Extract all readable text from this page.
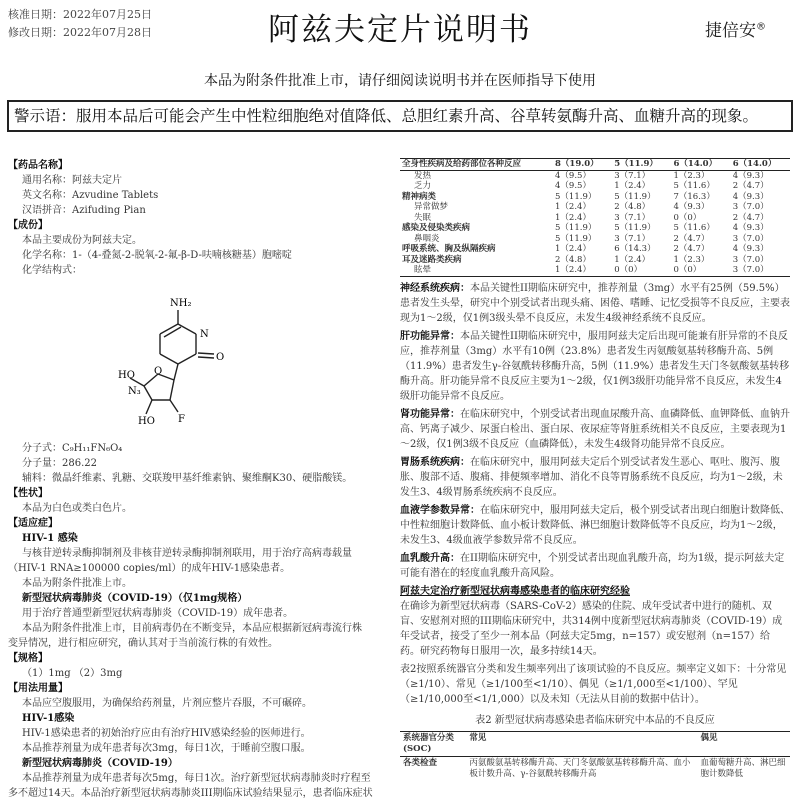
核准日期：2022年07月25日
修改日期：2022年07月28日	阿兹夫定片说明书	捷倍安®
本品为附条件批准上市，请仔细阅读说明书并在医师指导下使用
警示语：服用本品后可能会产生中性粒细胞绝对值降低、总胆红素升高、谷草转氨酶升高、血糖升高的现象。
【药品名称】
通用名称：阿兹夫定片
英文名称：Azvudine Tablets
汉语拼音：Azifuding Pian
【成份】
本品主要成份为阿兹夫定。
化学名称：1-（4-叠氮-2-脱氧-2-氟-β-D-呋喃核糖基）胞嘧啶
化学结构式：
NH₂
N
O
O
HO
N₃
HO F
分子式：C₉H₁₁FN₆O₄
分子量：286.22
辅料：微晶纤维素、乳糖、交联羧甲基纤维素钠、聚维酮K30、硬脂酸镁。
【性状】
本品为白色或类白色片。
【适应症】
HIV-1 感染
与核苷逆转录酶抑制剂及非核苷逆转录酶抑制剂联用，用于治疗高病毒载量
（HIV-1 RNA≥100000 copies/ml）的成年HIV-1感染患者。
本品为附条件批准上市。
新型冠状病毒肺炎（COVID-19）（仅1mg规格）
用于治疗普通型新型冠状病毒肺炎（COVID-19）成年患者。
本品为附条件批准上市，目前病毒仍在不断变异，本品应根据新冠病毒流行株
变异情况，进行相应研究，确认其对于当前流行株的有效性。
【规格】
（1）1mg （2）3mg
【用法用量】
本品应空腹服用，为确保给药剂量，片剂应整片吞服，不可碾碎。
HIV-1感染
HIV-1感染患者的初始治疗应由有治疗HIV感染经验的医师进行。
本品推荐剂量为成年患者每次3mg，每日1次，于睡前空腹口服。
新型冠状病毒肺炎（COVID-19）
本品推荐剂量为成年患者每次5mg，每日1次。治疗新型冠状病毒肺炎时疗程至
多不超过14天。本品治疗新型冠状病毒肺炎III期临床试验结果显示，患者临床症状
全身性疾病及给药部位各种反应	8（19.0）	5（11.9）	6（14.0）	6（14.0）
发热	4（9.5）	3（7.1）	1（2.3）	4（9.3）
乏力	4（9.5）	1（2.4）	5（11.6）	2（4.7）
精神病类	5（11.9）	5（11.9）	7（16.3）	4（9.3）
异常做梦	1（2.4）	2（4.8）	4（9.3）	3（7.0）
失眠	1（2.4）	3（7.1）	0（0）	2（4.7）
感染及侵染类疾病	5（11.9）	5（11.9）	5（11.6）	4（9.3）
鼻咽炎	5（11.9）	3（7.1）	2（4.7）	3（7.0）
呼吸系统、胸及纵隔疾病	1（2.4）	6（14.3）	2（4.7）	4（9.3）
耳及迷路类疾病	2（4.8）	1（2.4）	1（2.3）	3（7.0）
眩晕	1（2.4）	0（0）	0（0）	3（7.0）

神经系统疾病：本品关键性II期临床研究中，推荐剂量（3mg）水平有25例（59.5%）患者发生头晕，研究中个别受试者出现头痛、困倦、嗜睡、记忆受损等不良反应，主要表现为1～2级，仅1例3级头晕不良反应，未发生4级神经系统不良反应。

肝功能异常：本品关键性II期临床研究中，服用阿兹夫定后出现可能兼有肝异常的不良反应，推荐剂量（3mg）水平有10例（23.8%）患者发生丙氨酸氨基转移酶升高、5例（11.9%）患者发生γ-谷氨酰转移酶升高，5例（11.9%）患者发生天门冬氨酸氨基转移酶升高。肝功能异常不良反应主要为1～2级，仅1例3级肝功能异常不良反应，未发生4级肝功能异常不良反应。

肾功能异常：在临床研究中，个别受试者出现血尿酸升高、血磷降低、血钾降低、血钠升高、钙离子减少、尿蛋白检出、蛋白尿、夜尿症等肾脏系统相关不良反应，主要表现为1～2级，仅1例3级不良反应（血磷降低），未发生4级肾功能异常不良反应。

胃肠系统疾病：在临床研究中，服用阿兹夫定后个别受试者发生恶心、呕吐、腹泻、腹胀、腹部不适、腹痛、排便频率增加、消化不良等胃肠系统不良反应，均为1～2级，未发生3、4级胃肠系统疾病不良反应。

血液学参数异常：在临床研究中，服用阿兹夫定后，极个别受试者出现白细胞计数降低、中性粒细胞计数降低、血小板计数降低、淋巴细胞计数降低等不良反应，均为1～2级，未发生3、4级血液学参数异常不良反应。

血乳酸升高：在II期临床研究中，个别受试者出现血乳酸升高，均为1级，提示阿兹夫定可能有潜在的轻度血乳酸升高风险。

阿兹夫定治疗新型冠状病毒感染患者的临床研究经验

在确诊为新型冠状病毒（SARS-CoV-2）感染的住院、成年受试者中进行的随机、双盲、安慰剂对照的III期临床研究中，共314例中度新型冠状病毒肺炎（COVID-19）成年受试者，接受了至少一剂本品（阿兹夫定5mg，n=157）或安慰剂（n=157）给药。研究药物每日服用一次，最多持续14天。

表2按照系统器官分类和发生频率列出了该项试验的不良反应。频率定义如下：十分常见（≥1/10）、常见（≥1/100至<1/10）、偶见（≥1/1,000至<1/100）、罕见（≥1/10,000至<1/1,000）以及未知（无法从目前的数据中估计）。

表2 新型冠状病毒感染患者临床研究中本品的不良反应
系统器官分类(SOC)	常见	偶见
各类检查	丙氨酸氨基转移酶升高、天门冬氨酸氨基转移酶升高、血小板计数升高、γ-谷氨酰转移酶升高	血葡萄糖升高、淋巴细胞计数降低
